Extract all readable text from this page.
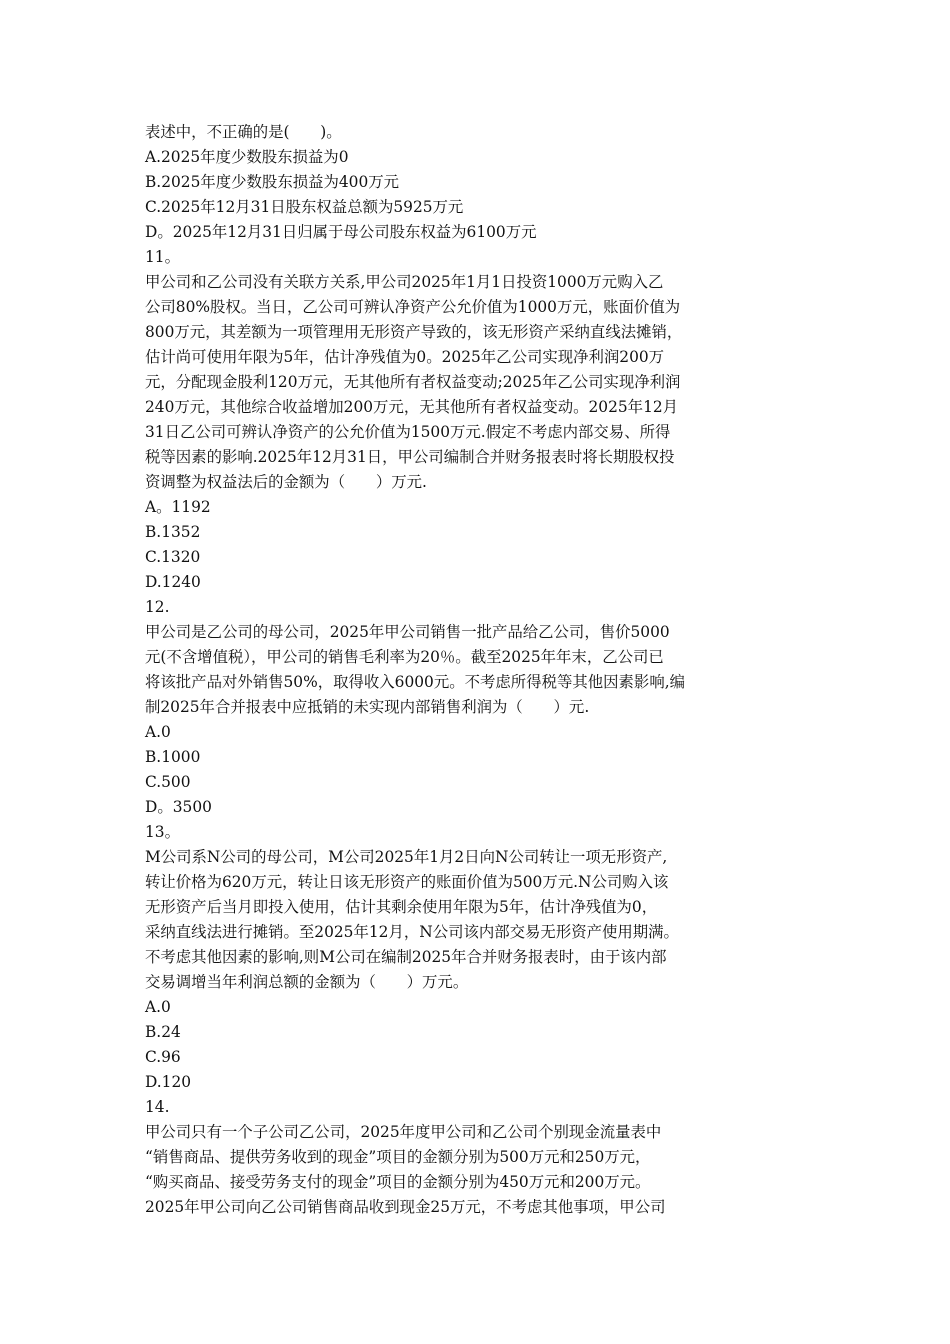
表述中，不正确的是(　　)。
A.2025年度少数股东损益为0
B.2025年度少数股东损益为400万元
C.2025年12月31日股东权益总额为5925万元
D。2025年12月31日归属于母公司股东权益为6100万元
11。
甲公司和乙公司没有关联方关系,甲公司2025年1月1日投资1000万元购入乙
公司80%股权。当日，乙公司可辨认净资产公允价值为1000万元，账面价值为
800万元，其差额为一项管理用无形资产导致的，该无形资产采纳直线法摊销，
估计尚可使用年限为5年，估计净残值为0。2025年乙公司实现净利润200万
元，分配现金股利120万元，无其他所有者权益变动;2025年乙公司实现净利润
240万元，其他综合收益增加200万元，无其他所有者权益变动。2025年12月
31日乙公司可辨认净资产的公允价值为1500万元.假定不考虑内部交易、所得
税等因素的影响.2025年12月31日，甲公司编制合并财务报表时将长期股权投
资调整为权益法后的金额为（　　）万元.
A。1192
B.1352
C.1320
D.1240
12.
甲公司是乙公司的母公司，2025年甲公司销售一批产品给乙公司，售价5000
元(不含增值税），甲公司的销售毛利率为20％。截至2025年年末，乙公司已
将该批产品对外销售50%，取得收入6000元。不考虑所得税等其他因素影响,编
制2025年合并报表中应抵销的未实现内部销售利润为（　　）元.
A.0
B.1000
C.500
D。3500
13。
M公司系N公司的母公司，M公司2025年1月2日向N公司转让一项无形资产,
转让价格为620万元，转让日该无形资产的账面价值为500万元.N公司购入该
无形资产后当月即投入使用，估计其剩余使用年限为5年，估计净残值为0，
采纳直线法进行摊销。至2025年12月，N公司该内部交易无形资产使用期满。
不考虑其他因素的影响,则M公司在编制2025年合并财务报表时，由于该内部
交易调增当年利润总额的金额为（　　）万元。
A.0
B.24
C.96
D.120
14.
甲公司只有一个子公司乙公司，2025年度甲公司和乙公司个别现金流量表中
“销售商品、提供劳务收到的现金”项目的金额分别为500万元和250万元，
“购买商品、接受劳务支付的现金”项目的金额分别为450万元和200万元。
2025年甲公司向乙公司销售商品收到现金25万元，不考虑其他事项，甲公司
